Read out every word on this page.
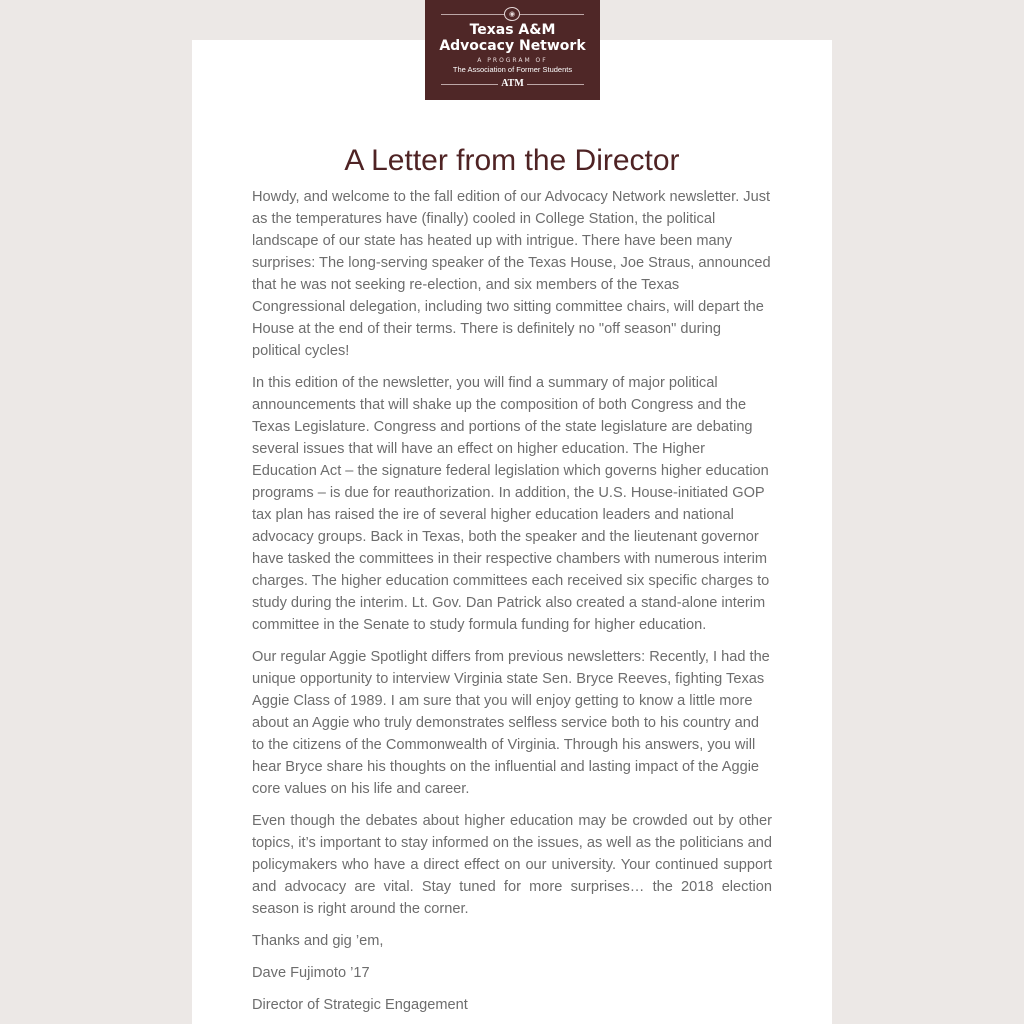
A Letter from the Director

Howdy, and welcome to the fall edition of our Advocacy Network newsletter. Just as the temperatures have (finally) cooled in College Station, the political landscape of our state has heated up with intrigue. There have been many surprises: The long-serving speaker of the Texas House, Joe Straus, announced that he was not seeking re-election, and six members of the Texas Congressional delegation, including two sitting committee chairs, will depart the House at the end of their terms. There is definitely no "off season" during political cycles!

In this edition of the newsletter, you will find a summary of major political announcements that will shake up the composition of both Congress and the Texas Legislature. Congress and portions of the state legislature are debating several issues that will have an effect on higher education. The Higher Education Act – the signature federal legislation which governs higher education programs – is due for reauthorization. In addition, the U.S. House-initiated GOP tax plan has raised the ire of several higher education leaders and national advocacy groups. Back in Texas, both the speaker and the lieutenant governor have tasked the committees in their respective chambers with numerous interim charges. The higher education committees each received six specific charges to study during the interim. Lt. Gov. Dan Patrick also created a stand-alone interim committee in the Senate to study formula funding for higher education.

Our regular Aggie Spotlight differs from previous newsletters: Recently, I had the unique opportunity to interview Virginia state Sen. Bryce Reeves, fighting Texas Aggie Class of 1989. I am sure that you will enjoy getting to know a little more about an Aggie who truly demonstrates selfless service both to his country and to the citizens of the Commonwealth of Virginia. Through his answers, you will hear Bryce share his thoughts on the influential and lasting impact of the Aggie core values on his life and career.

Even though the debates about higher education may be crowded out by other topics, it’s important to stay informed on the issues, as well as the politicians and policymakers who have a direct effect on our university. Your continued support and advocacy are vital. Stay tuned for more surprises… the 2018 election season is right around the corner.

Thanks and gig ’em,

Dave Fujimoto ’17

Director of Strategic Engagement

◉
Texas A&M
Advocacy Network
A PROGRAM OF
The Association of Former Students
ATM
